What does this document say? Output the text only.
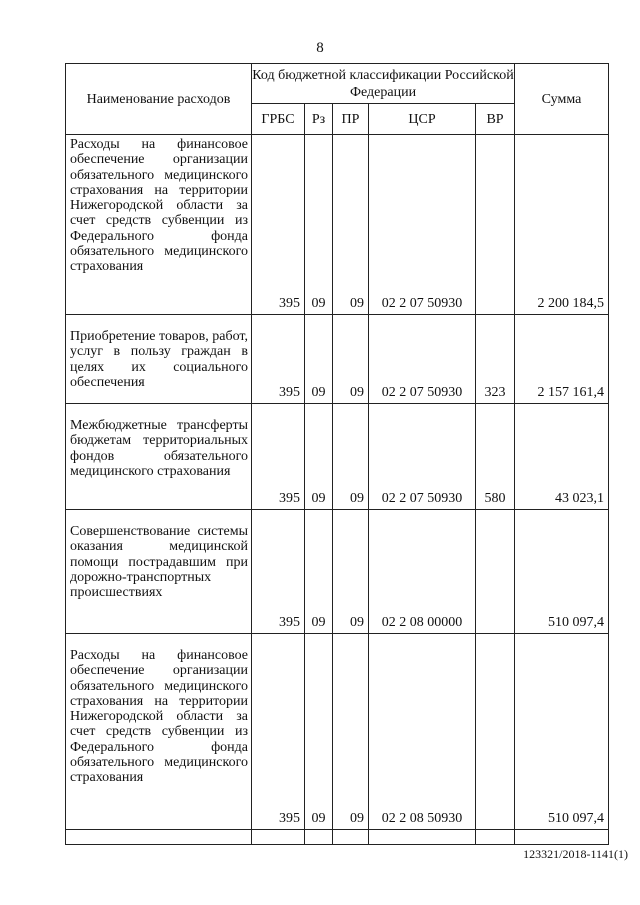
8
Наименование расходов	Код бюджетной классификации Российской Федерации					Сумма
	ГРБС	Рз	ПР	ЦСР	ВР	
Расходы на финансовое обеспечение организации обязательного медицинского страхования на территории Нижегородской области за счет средств субвенции из Федерального фонда обязательного медицинского страхования	395	09	09	02 2 07 50930		2 200 184,5
Приобретение товаров, работ, услуг в пользу граждан в целях их социального обеспечения	395	09	09	02 2 07 50930	323	2 157 161,4
Межбюджетные трансферты бюджетам территориальных фондов обязательного медицинского страхования	395	09	09	02 2 07 50930	580	43 023,1
Совершенствование системы оказания медицинской помощи пострадавшим при дорожно-транспортных происшествиях	395	09	09	02 2 08 00000		510 097,4
Расходы на финансовое обеспечение организации обязательного медицинского страхования на территории Нижегородской области за счет средств субвенции из Федерального фонда обязательного медицинского страхования	395	09	09	02 2 08 50930		510 097,4

123321/2018-1141(1)
